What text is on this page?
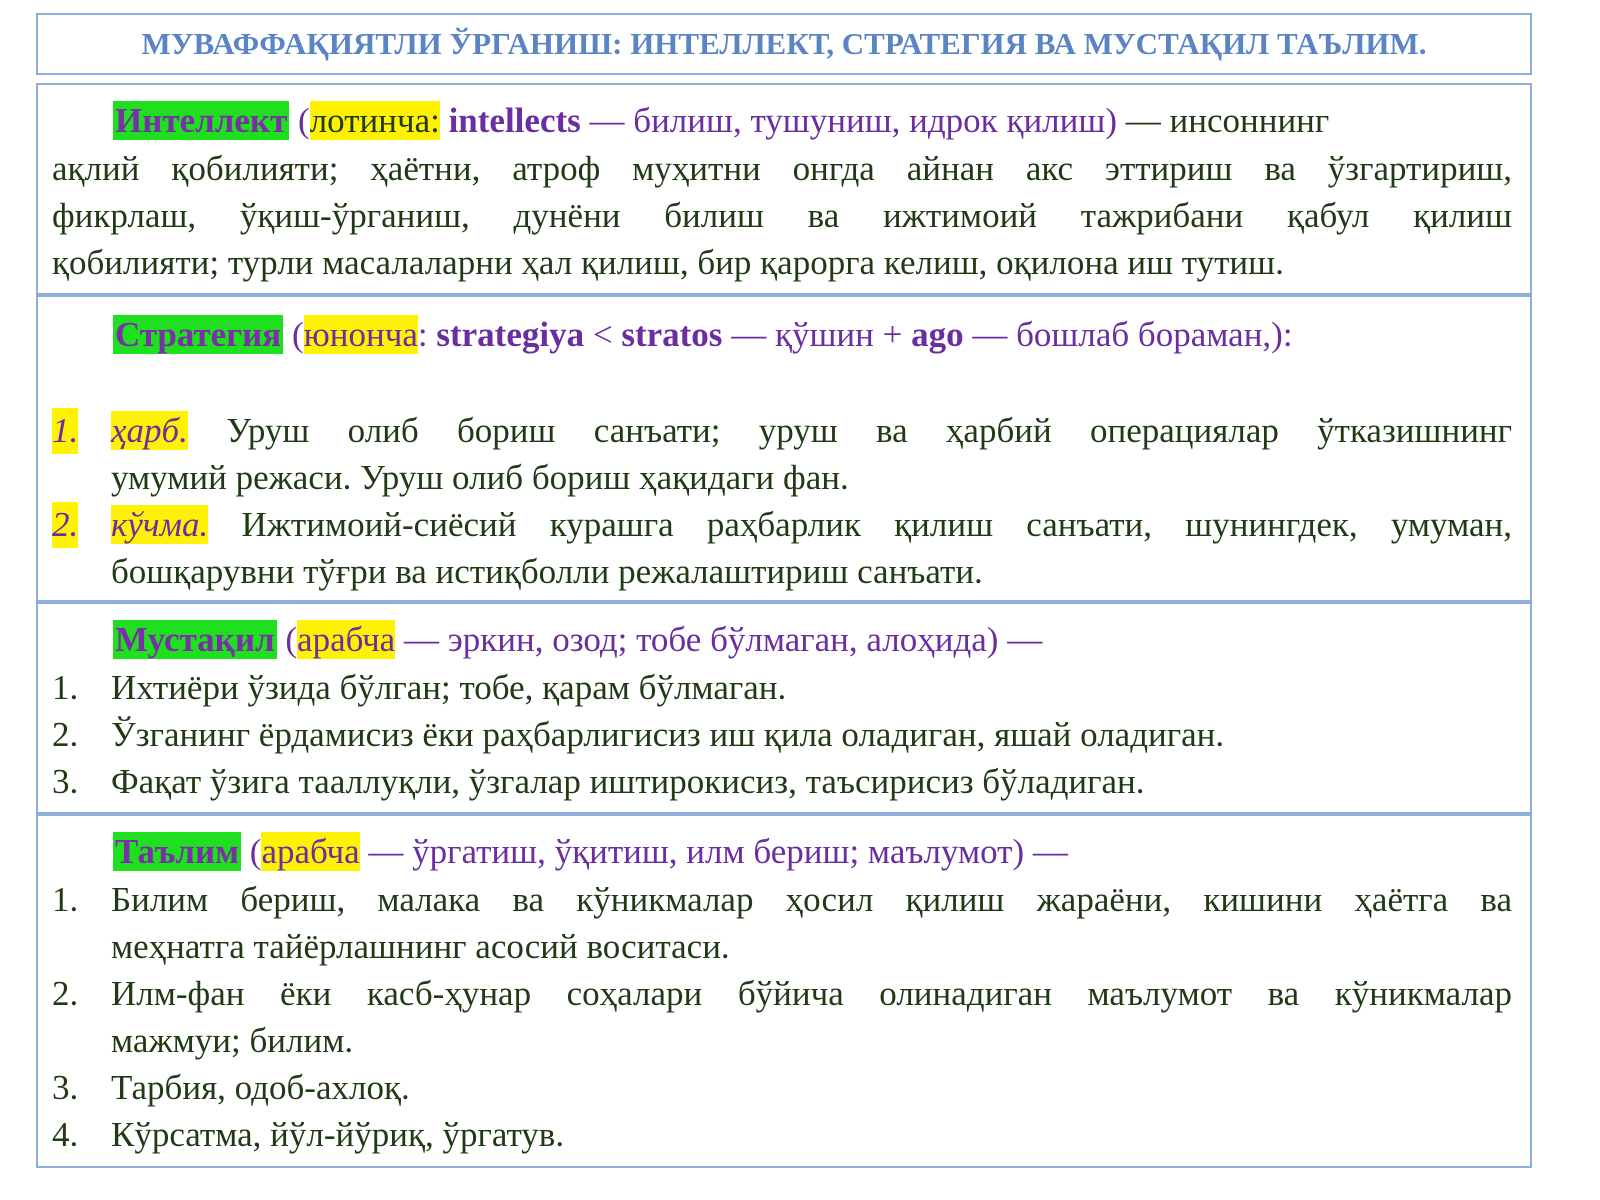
МУВАФФАҚИЯТЛИ ЎРГАНИШ: ИНТЕЛЛЕКТ, СТРАТЕГИЯ ВА МУСТАҚИЛ ТАЪЛИМ.
Интеллект (лотинча: intellects — билиш, тушуниш, идрок қилиш) — инсоннинг
ақлий қобилияти; ҳаётни, атроф муҳитни онгда айнан акс эттириш ва ўзгартириш,
фикрлаш, ўқиш-ўрганиш, дунёни билиш ва ижтимоий тажрибани қабул қилиш
қобилияти; турли масалаларни ҳал қилиш, бир қарорга келиш, оқилона иш тутиш.
Стратегия (юнонча: strategiya < stratos — қўшин + ago — бошлаб бораман,):
1. ҳарб. Уруш олиб бориш санъати; уруш ва ҳарбий операциялар ўтказишнинг
умумий режаси. Уруш олиб бориш ҳақидаги фан.
2. кўчма. Ижтимоий-сиёсий курашга раҳбарлик қилиш санъати, шунингдек, умуман,
бошқарувни тўғри ва истиқболли режалаштириш санъати.
Мустақил (арабча — эркин, озод; тобе бўлмаган, алоҳида) —
1. Ихтиёри ўзида бўлган; тобе, қарам бўлмаган.
2. Ўзганинг ёрдамисиз ёки раҳбарлигисиз иш қила оладиган, яшай оладиган.
3. Фақат ўзига тааллуқли, ўзгалар иштирокисиз, таъсирисиз бўладиган.
Таълим (арабча — ўргатиш, ўқитиш, илм бериш; маълумот) —
1. Билим бериш, малака ва кўникмалар ҳосил қилиш жараёни, кишини ҳаётга ва
меҳнатга тайёрлашнинг асосий воситаси.
2. Илм-фан ёки касб-ҳунар соҳалари бўйича олинадиган маълумот ва кўникмалар
мажмуи; билим.
3. Тарбия, одоб-ахлоқ.
4. Кўрсатма, йўл-йўриқ, ўргатув.
